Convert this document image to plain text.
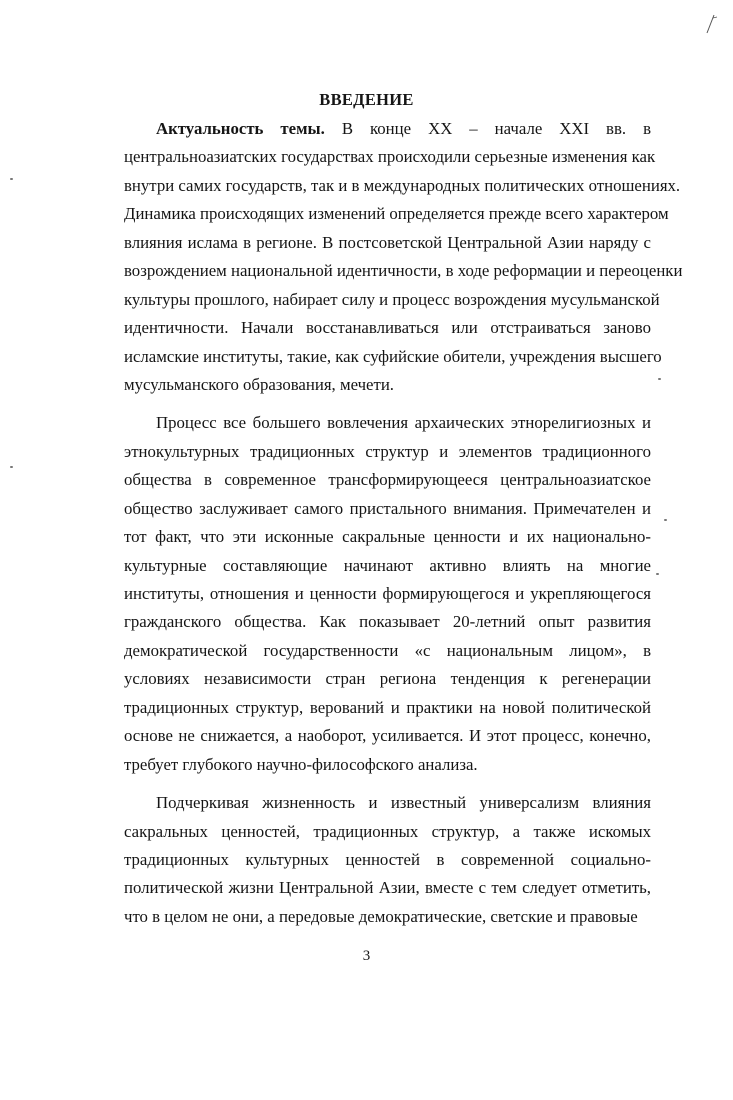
ВВЕДЕНИЕ
Актуальность темы. В конце XX – начале XXI вв. в
центральноазиатских государствах происходили серьезные изменения как
внутри самих государств, так и в международных политических отношениях.
Динамика происходящих изменений определяется прежде всего характером
влияния ислама в регионе. В постсоветской Центральной Азии наряду с
возрождением национальной идентичности, в ходе реформации и переоценки
культуры прошлого, набирает силу и процесс возрождения мусульманской
идентичности. Начали восстанавливаться или отстраиваться заново
исламские институты, такие, как суфийские обители, учреждения высшего
мусульманского образования, мечети.
Процесс все большего вовлечения архаических этнорелигиозных и
этнокультурных традиционных структур и элементов традиционного
общества в современное трансформирующееся центральноазиатское
общество заслуживает самого пристального внимания. Примечателен и
тот факт, что эти исконные сакральные ценности и их национально-
культурные составляющие начинают активно влиять на многие
институты, отношения и ценности формирующегося и укрепляющегося
гражданского общества. Как показывает 20-летний опыт развития
демократической государственности «с национальным лицом», в
условиях независимости стран региона тенденция к регенерации
традиционных структур, верований и практики на новой политической
основе не снижается, а наоборот, усиливается. И этот процесс, конечно,
требует глубокого научно-философского анализа.
Подчеркивая жизненность и известный универсализм влияния
сакральных ценностей, традиционных структур, а также искомых
традиционных культурных ценностей в современной социально-
политической жизни Центральной Азии, вместе с тем следует отметить,
что в целом не они, а передовые демократические, светские и правовые
3
